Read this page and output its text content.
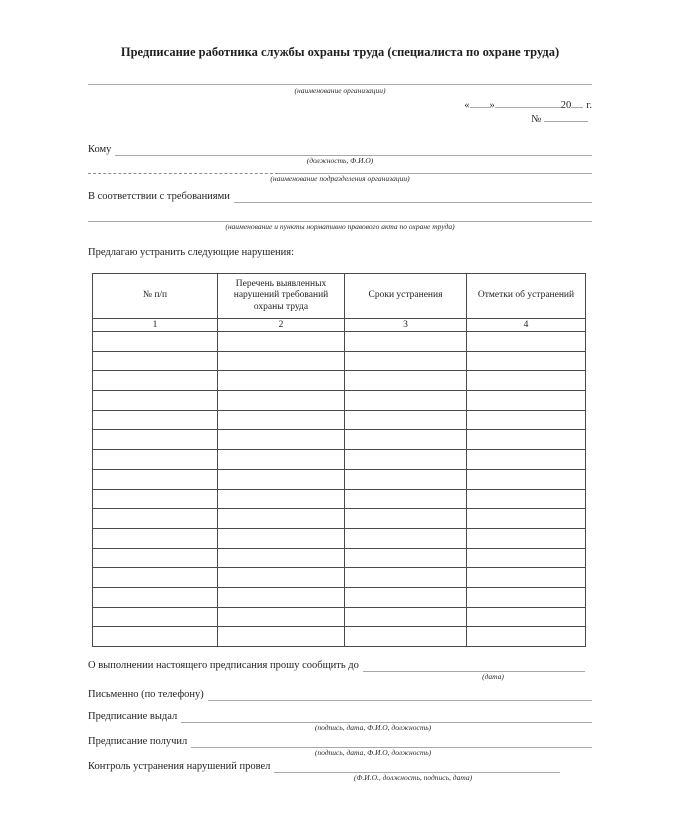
Предписание работника службы охраны труда (специалиста по охране труда)
(наименование организации)
« »	20 г.
№
Кому
(должность, Ф.И.О)
(наименование подразделения организации)
В соответствии с требованиями
(наименование и пункты нормативно правового акта по охране труда)
Предлагаю устранить следующие нарушения:
№ п/п	Перечень выявленных нарушений требований охраны труда	Сроки устранения	Отметки об устранений
1	2	3	4

О выполнении настоящего предписания прошу сообщить до
(дата)
Письменно (по телефону)
Предписание выдал
(подпись, дата, Ф.И.О, должность)
Предписание получил
(подпись, дата, Ф.И.О, должность)
Контроль устранения нарушений провел
(Ф.И.О., должность, подпись, дата)
